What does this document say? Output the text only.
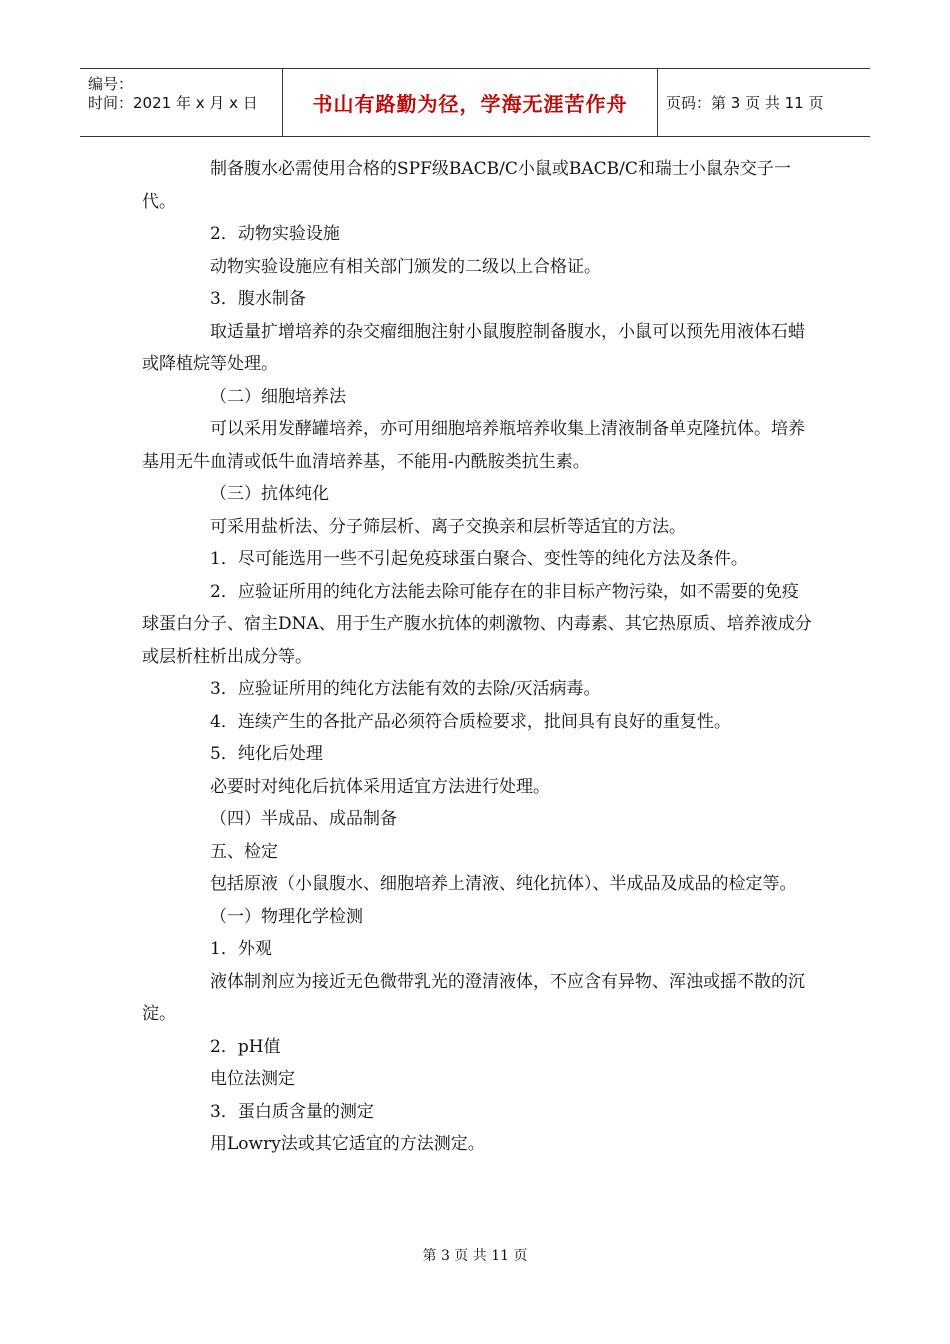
编号：
时间：2021 年 x 月 x 日	书山有路勤为径，学海无涯苦作舟	页码：第 3 页 共 11 页

制备腹水必需使用合格的SPF级BACB/C小鼠或BACB/C和瑞士小鼠杂交子一代。

2．动物实验设施

动物实验设施应有相关部门颁发的二级以上合格证。

3．腹水制备

取适量扩增培养的杂交瘤细胞注射小鼠腹腔制备腹水，小鼠可以预先用液体石蜡或降植烷等处理。

（二）细胞培养法

可以采用发酵罐培养，亦可用细胞培养瓶培养收集上清液制备单克隆抗体。培养基用无牛血清或低牛血清培养基，不能用-内酰胺类抗生素。

（三）抗体纯化

可采用盐析法、分子筛层析、离子交换亲和层析等适宜的方法。

1．尽可能选用一些不引起免疫球蛋白聚合、变性等的纯化方法及条件。

2．应验证所用的纯化方法能去除可能存在的非目标产物污染，如不需要的免疫球蛋白分子、宿主DNA、用于生产腹水抗体的刺激物、内毒素、其它热原质、培养液成分或层析柱析出成分等。

3．应验证所用的纯化方法能有效的去除/灭活病毒。

4．连续产生的各批产品必须符合质检要求，批间具有良好的重复性。

5．纯化后处理

必要时对纯化后抗体采用适宜方法进行处理。

（四）半成品、成品制备

五、检定

包括原液（小鼠腹水、细胞培养上清液、纯化抗体）、半成品及成品的检定等。

（一）物理化学检测

1．外观

液体制剂应为接近无色微带乳光的澄清液体，不应含有异物、浑浊或摇不散的沉淀。

2．pH值

电位法测定

3．蛋白质含量的测定

用Lowry法或其它适宜的方法测定。

第 3 页 共 11 页
